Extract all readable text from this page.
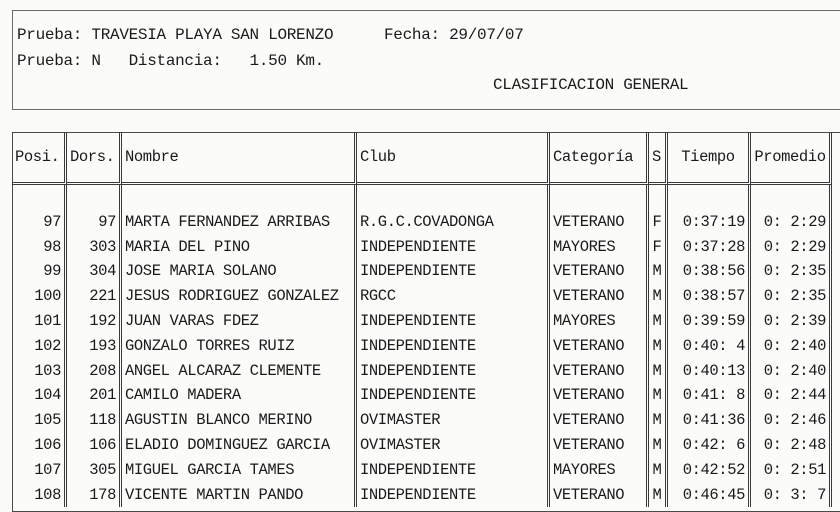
Prueba: TRAVESIA PLAYA SAN LORENZO	Fecha: 29/07/07
Prueba: N   Distancia:   1.50 Km.
CLASIFICACION GENERAL
Posi.	Dors.	Nombre	Club	Categoría	S	Tiempo	Promedio

97	97	MARTA FERNANDEZ ARRIBAS	R.G.C.COVADONGA	VETERANO	F	0:37:19	0: 2:29
98	303	MARIA DEL PINO	INDEPENDIENTE	MAYORES	F	0:37:28	0: 2:29
99	304	JOSE MARIA SOLANO	INDEPENDIENTE	VETERANO	M	0:38:56	0: 2:35
100	221	JESUS RODRIGUEZ GONZALEZ	RGCC	VETERANO	M	0:38:57	0: 2:35
101	192	JUAN VARAS FDEZ	INDEPENDIENTE	MAYORES	M	0:39:59	0: 2:39
102	193	GONZALO TORRES RUIZ	INDEPENDIENTE	VETERANO	M	0:40: 4	0: 2:40
103	208	ANGEL ALCARAZ CLEMENTE	INDEPENDIENTE	VETERANO	M	0:40:13	0: 2:40
104	201	CAMILO MADERA	INDEPENDIENTE	VETERANO	M	0:41: 8	0: 2:44
105	118	AGUSTIN BLANCO MERINO	OVIMASTER	VETERANO	M	0:41:36	0: 2:46
106	106	ELADIO DOMINGUEZ GARCIA	OVIMASTER	VETERANO	M	0:42: 6	0: 2:48
107	305	MIGUEL GARCIA TAMES	INDEPENDIENTE	MAYORES	M	0:42:52	0: 2:51
108	178	VICENTE MARTIN PANDO	INDEPENDIENTE	VETERANO	M	0:46:45	0: 3: 7
